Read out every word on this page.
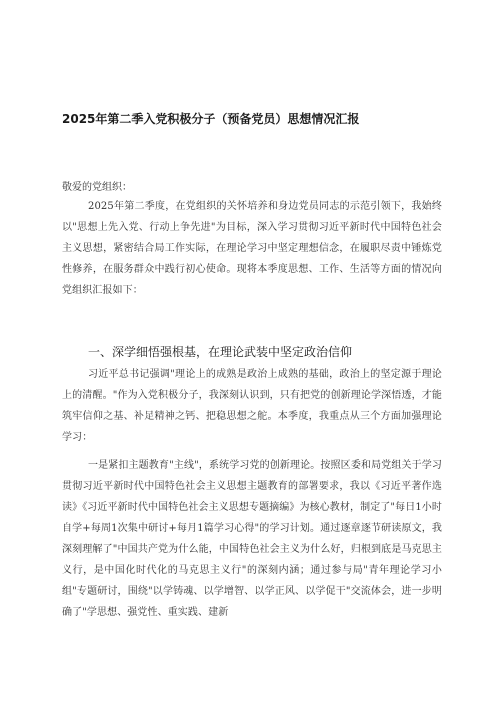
2025年第二季入党积极分子（预备党员）思想情况汇报
敬爱的党组织：

2025年第二季度，在党组织的关怀培养和身边党员同志的示范引领下，我始终以"思想上先入党、行动上争先进"为目标，深入学习贯彻习近平新时代中国特色社会主义思想，紧密结合局工作实际，在理论学习中坚定理想信念，在履职尽责中锤炼党性修养，在服务群众中践行初心使命。现将本季度思想、工作、生活等方面的情况向党组织汇报如下：

一、深学细悟强根基，在理论武装中坚定政治信仰

习近平总书记强调"理论上的成熟是政治上成熟的基础，政治上的坚定源于理论上的清醒。"作为入党积极分子，我深刻认识到，只有把党的创新理论学深悟透，才能筑牢信仰之基、补足精神之钙、把稳思想之舵。本季度，我重点从三个方面加强理论学习：

一是紧扣主题教育"主线"，系统学习党的创新理论。按照区委和局党组关于学习贯彻习近平新时代中国特色社会主义思想主题教育的部署要求，我以《习近平著作选读》《习近平新时代中国特色社会主义思想专题摘编》为核心教材，制定了"每日1小时自学+每周1次集中研讨+每月1篇学习心得"的学习计划。通过逐章逐节研读原文，我深刻理解了"中国共产党为什么能，中国特色社会主义为什么好，归根到底是马克思主义行，是中国化时代化的马克思主义行"的深刻内涵；通过参与局"青年理论学习小组"专题研讨，围绕"以学铸魂、以学增智、以学正风、以学促干"交流体会，进一步明确了"学思想、强党性、重实践、建新
